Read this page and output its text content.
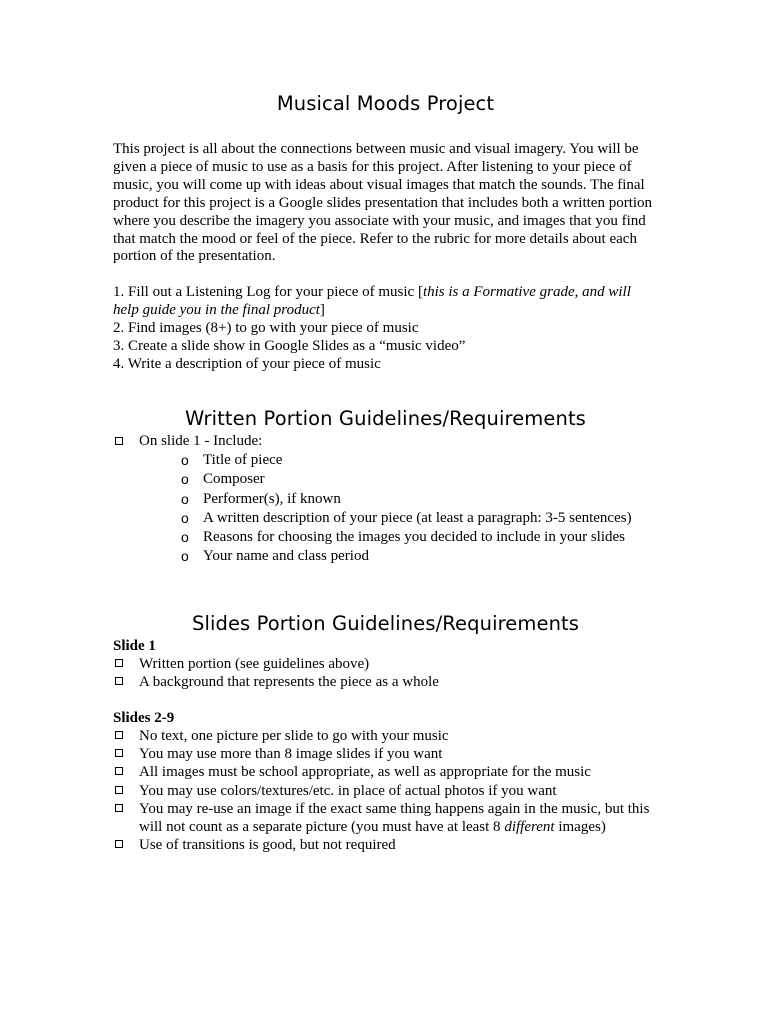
Musical Moods Project

This project is all about the connections between music and visual imagery. You will be given a piece of music to use as a basis for this project. After listening to your piece of music, you will come up with ideas about visual images that match the sounds. The final product for this project is a Google slides presentation that includes both a written portion where you describe the imagery you associate with your music, and images that you find that match the mood or feel of the piece. Refer to the rubric for more details about each portion of the presentation.

1. Fill out a Listening Log for your piece of music [this is a Formative grade, and will help guide you in the final product]
2. Find images (8+) to go with your piece of music
3. Create a slide show in Google Slides as a “music video”
4. Write a description of your piece of music
Written Portion Guidelines/Requirements
On slide 1 - Include:
o Title of piece
o Composer
o Performer(s), if known
o A written description of your piece (at least a paragraph: 3-5 sentences)
o Reasons for choosing the images you decided to include in your slides
o Your name and class period
Slides Portion Guidelines/Requirements
Slide 1
Written portion (see guidelines above)
A background that represents the piece as a whole
Slides 2-9
No text, one picture per slide to go with your music
You may use more than 8 image slides if you want
All images must be school appropriate, as well as appropriate for the music
You may use colors/textures/etc. in place of actual photos if you want
You may re-use an image if the exact same thing happens again in the music, but this will not count as a separate picture (you must have at least 8 different images)
Use of transitions is good, but not required
